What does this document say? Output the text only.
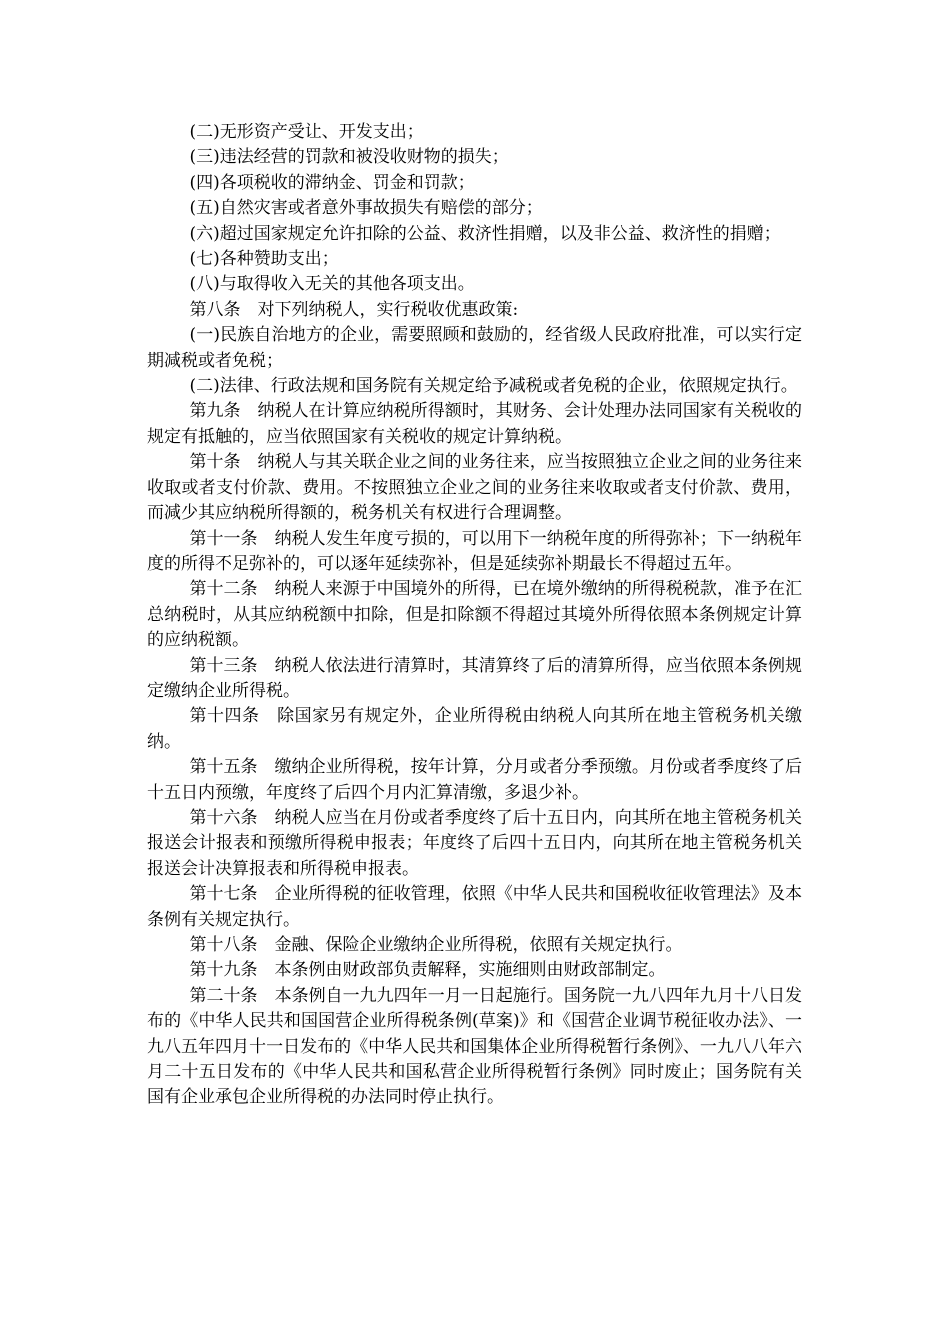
(二)无形资产受让、开发支出；

(三)违法经营的罚款和被没收财物的损失；

(四)各项税收的滞纳金、罚金和罚款；

(五)自然灾害或者意外事故损失有赔偿的部分；

(六)超过国家规定允许扣除的公益、救济性捐赠，以及非公益、救济性的捐赠；

(七)各种赞助支出；

(八)与取得收入无关的其他各项支出。

第八条　对下列纳税人，实行税收优惠政策:

(一)民族自治地方的企业，需要照顾和鼓励的，经省级人民政府批准，可以实行定期减税或者免税；

(二)法律、行政法规和国务院有关规定给予减税或者免税的企业，依照规定执行。

第九条　纳税人在计算应纳税所得额时，其财务、会计处理办法同国家有关税收的规定有抵触的，应当依照国家有关税收的规定计算纳税。

第十条　纳税人与其关联企业之间的业务往来，应当按照独立企业之间的业务往来收取或者支付价款、费用。不按照独立企业之间的业务往来收取或者支付价款、费用，而减少其应纳税所得额的，税务机关有权进行合理调整。

第十一条　纳税人发生年度亏损的，可以用下一纳税年度的所得弥补；下一纳税年度的所得不足弥补的，可以逐年延续弥补，但是延续弥补期最长不得超过五年。

第十二条　纳税人来源于中国境外的所得，已在境外缴纳的所得税税款，准予在汇总纳税时，从其应纳税额中扣除，但是扣除额不得超过其境外所得依照本条例规定计算的应纳税额。

第十三条　纳税人依法进行清算时，其清算终了后的清算所得，应当依照本条例规定缴纳企业所得税。

第十四条　除国家另有规定外，企业所得税由纳税人向其所在地主管税务机关缴纳。

第十五条　缴纳企业所得税，按年计算，分月或者分季预缴。月份或者季度终了后十五日内预缴，年度终了后四个月内汇算清缴，多退少补。

第十六条　纳税人应当在月份或者季度终了后十五日内，向其所在地主管税务机关报送会计报表和预缴所得税申报表；年度终了后四十五日内，向其所在地主管税务机关报送会计决算报表和所得税申报表。

第十七条　企业所得税的征收管理，依照《中华人民共和国税收征收管理法》及本条例有关规定执行。

第十八条　金融、保险企业缴纳企业所得税，依照有关规定执行。

第十九条　本条例由财政部负责解释，实施细则由财政部制定。

第二十条　本条例自一九九四年一月一日起施行。国务院一九八四年九月十八日发布的《中华人民共和国国营企业所得税条例(草案)》和《国营企业调节税征收办法》、一九八五年四月十一日发布的《中华人民共和国集体企业所得税暂行条例》、一九八八年六月二十五日发布的《中华人民共和国私营企业所得税暂行条例》同时废止；国务院有关国有企业承包企业所得税的办法同时停止执行。
